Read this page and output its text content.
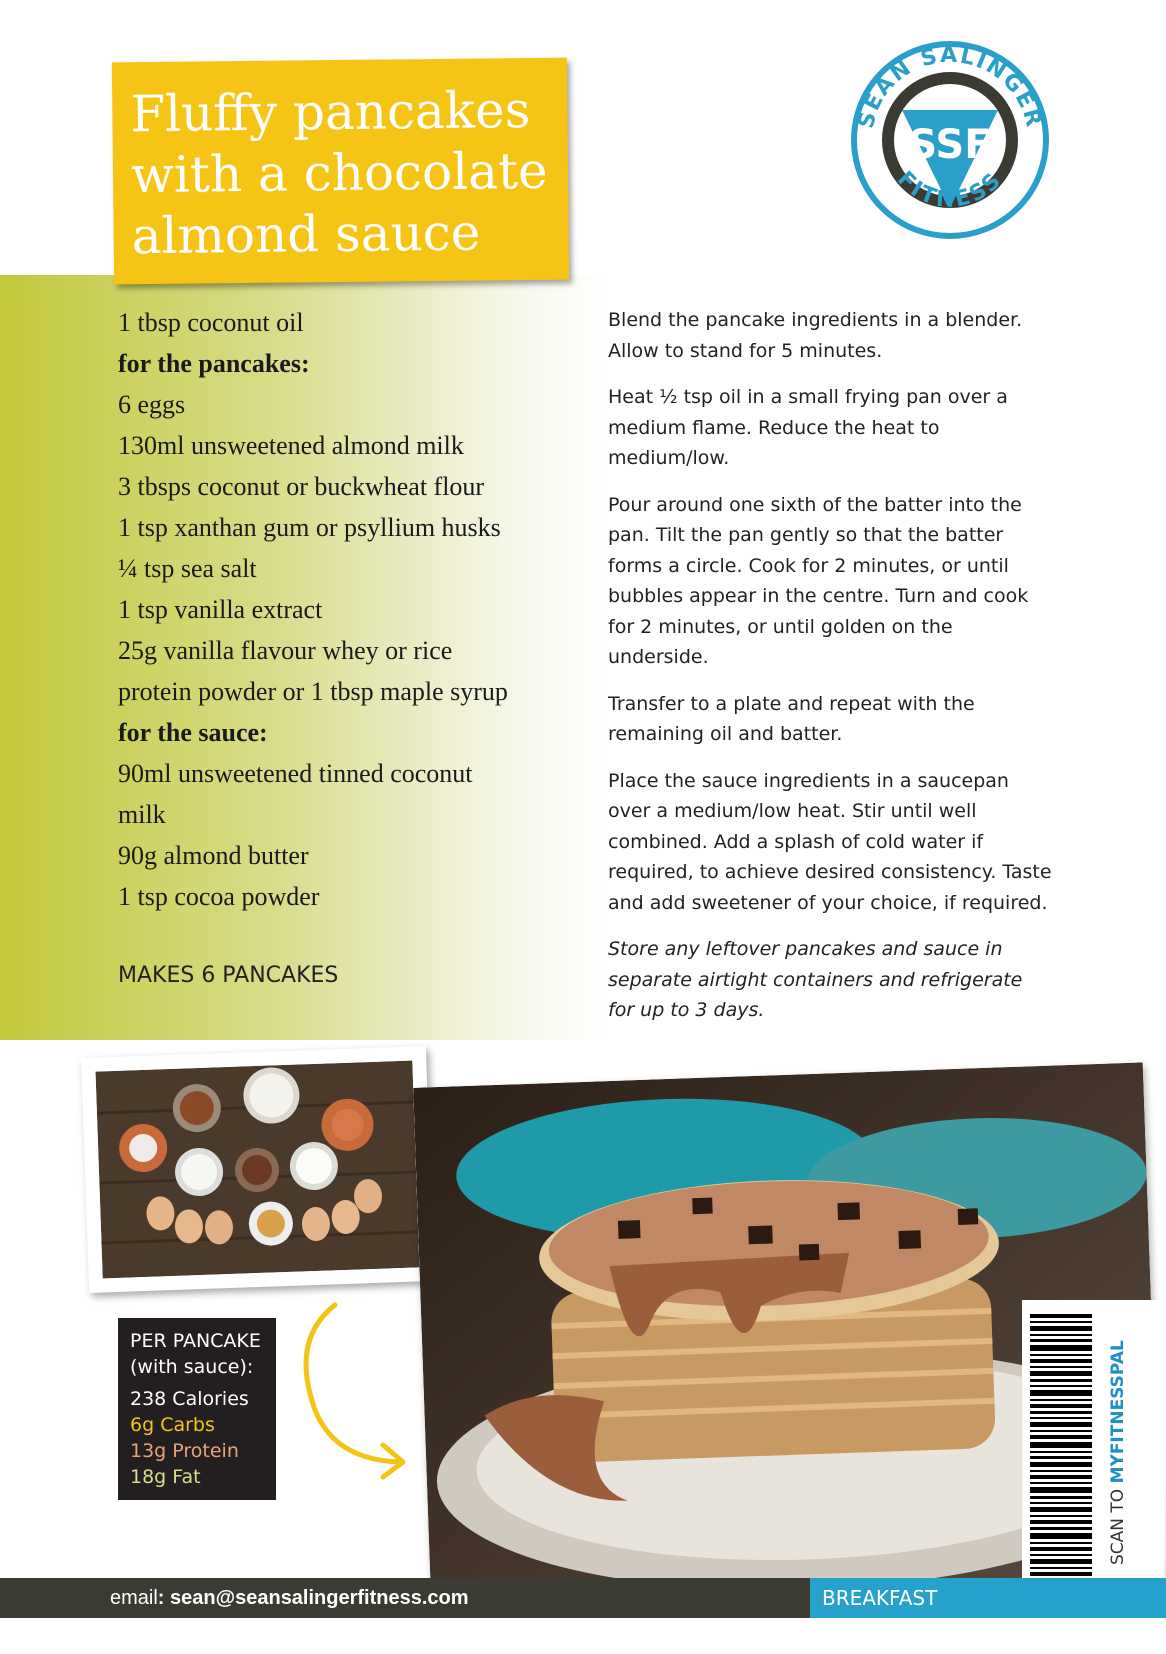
Fluffy pancakes
with a chocolate
almond sauce
SSF
SEAN SALINGER
FITNESS
1 tbsp coconut oil
for the pancakes:
6 eggs
130ml unsweetened almond milk
3 tbsps coconut or buckwheat flour
1 tsp xanthan gum or psyllium husks
¼ tsp sea salt
1 tsp vanilla extract
25g vanilla flavour whey or rice
protein powder or 1 tbsp maple syrup
for the sauce:
90ml unsweetened tinned coconut
milk
90g almond butter
1 tsp cocoa powder
MAKES 6 PANCAKES

Blend the pancake ingredients in a blender. Allow to stand for 5 minutes.

Heat ½ tsp oil in a small frying pan over a medium flame. Reduce the heat to medium/low.

Pour around one sixth of the batter into the pan. Tilt the pan gently so that the batter forms a circle. Cook for 2 minutes, or until bubbles appear in the centre. Turn and cook for 2 minutes, or until golden on the underside.

Transfer to a plate and repeat with the remaining oil and batter.

Place the sauce ingredients in a saucepan over a medium/low heat. Stir until well combined. Add a splash of cold water if required, to achieve desired consistency. Taste and add sweetener of your choice, if required.

Store any leftover pancakes and sauce in separate airtight containers and refrigerate for up to 3 days.

PER PANCAKE
(with sauce):
238 Calories
6g Carbs
13g Protein
18g Fat
SCAN TO MYFITNESSPAL
email: sean@seansalingerfitness.com	BREAKFAST
